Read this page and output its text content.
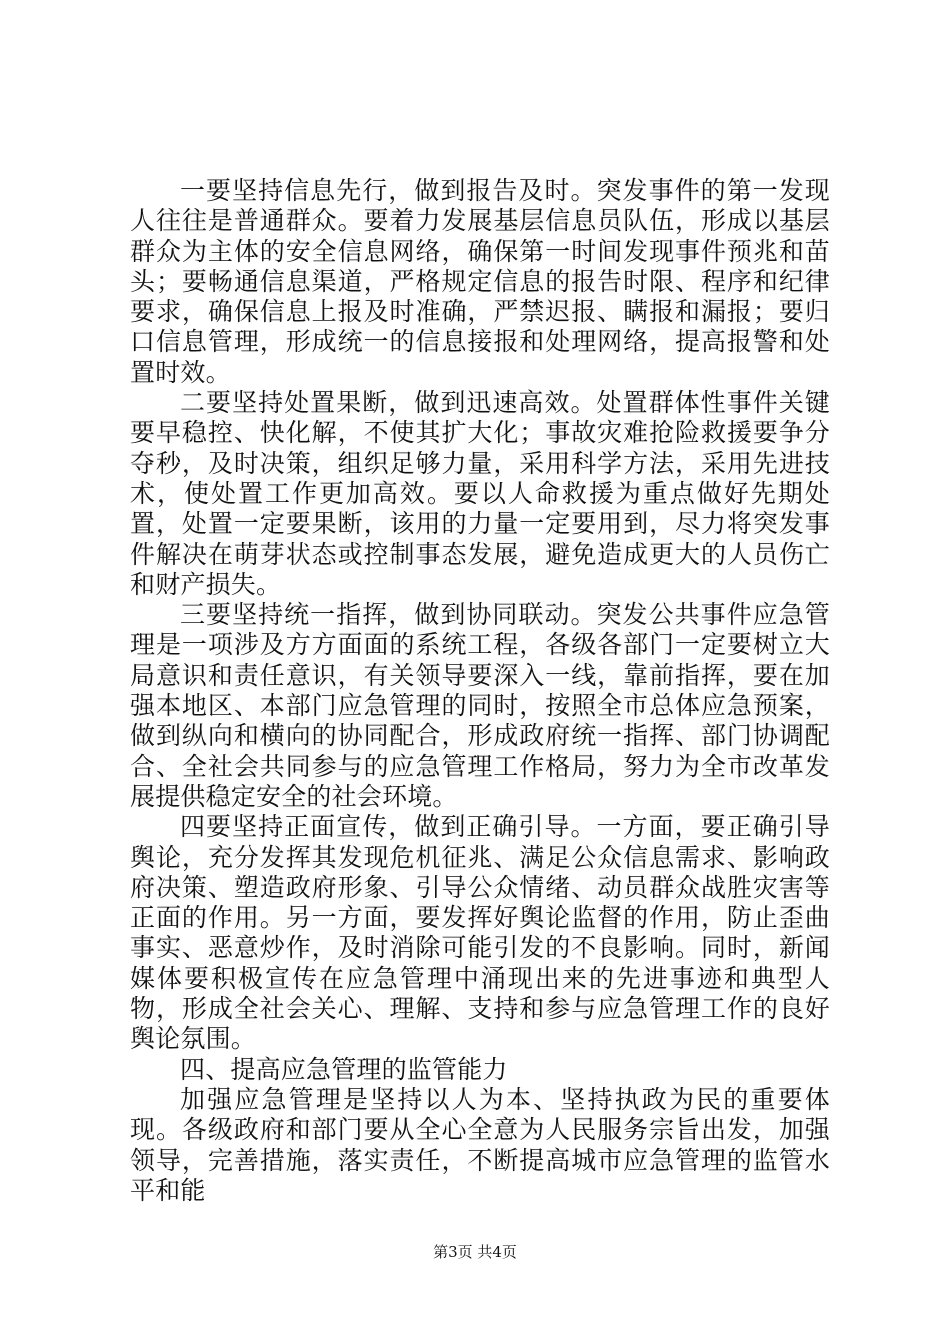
一要坚持信息先行，做到报告及时。突发事件的第一发现人往往是普通群众。要着力发展基层信息员队伍，形成以基层群众为主体的安全信息网络，确保第一时间发现事件预兆和苗头；要畅通信息渠道，严格规定信息的报告时限、程序和纪律要求，确保信息上报及时准确，严禁迟报、瞒报和漏报；要归口信息管理，形成统一的信息接报和处理网络，提高报警和处置时效。

二要坚持处置果断，做到迅速高效。处置群体性事件关键要早稳控、快化解，不使其扩大化；事故灾难抢险救援要争分夺秒，及时决策，组织足够力量，采用科学方法，采用先进技术，使处置工作更加高效。要以人命救援为重点做好先期处置，处置一定要果断，该用的力量一定要用到，尽力将突发事件解决在萌芽状态或控制事态发展，避免造成更大的人员伤亡和财产损失。

三要坚持统一指挥，做到协同联动。突发公共事件应急管理是一项涉及方方面面的系统工程，各级各部门一定要树立大局意识和责任意识，有关领导要深入一线，靠前指挥，要在加强本地区、本部门应急管理的同时，按照全市总体应急预案，做到纵向和横向的协同配合，形成政府统一指挥、部门协调配合、全社会共同参与的应急管理工作格局，努力为全市改革发展提供稳定安全的社会环境。

四要坚持正面宣传，做到正确引导。一方面，要正确引导舆论，充分发挥其发现危机征兆、满足公众信息需求、影响政府决策、塑造政府形象、引导公众情绪、动员群众战胜灾害等正面的作用。另一方面，要发挥好舆论监督的作用，防止歪曲事实、恶意炒作，及时消除可能引发的不良影响。同时，新闻媒体要积极宣传在应急管理中涌现出来的先进事迹和典型人物，形成全社会关心、理解、支持和参与应急管理工作的良好舆论氛围。

四、提高应急管理的监管能力

加强应急管理是坚持以人为本、坚持执政为民的重要体现。各级政府和部门要从全心全意为人民服务宗旨出发，加强领导，完善措施，落实责任，不断提高城市应急管理的监管水平和能

第3页 共4页
